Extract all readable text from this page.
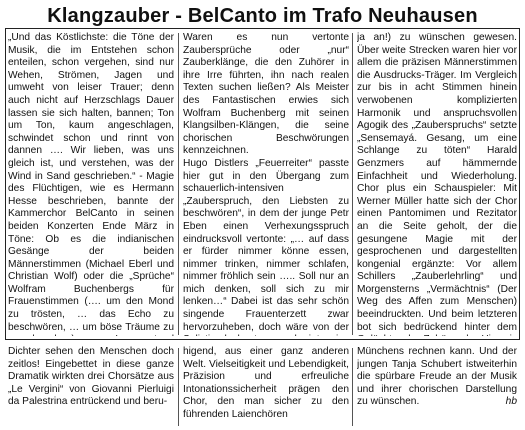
Klangzauber - BelCanto im Trafo Neuhausen

„Und das Köstlichste: die Töne der Musik, die im Entstehen schon enteilen, schon vergehen, sind nur Wehen, Strömen, Jagen und umweht von leiser Trauer; denn auch nicht auf Herzschlags Dauer lassen sie sich halten, bannen; Ton um Ton, kaum angeschlagen, schwindet schon und rinnt von dannen …. Wir lieben, was uns gleich ist, und verstehen, was der Wind in Sand geschrieben.“ - Magie des Flüchtigen, wie es Hermann Hesse beschrieben, bannte der Kammerchor BelCanto in seinen beiden Konzerten Ende März in Töne: Ob es die indianischen Gesänge der beiden Männerstimmen (Michael Eberl und Christian Wolf) oder die „Sprüche“ Wolfram Buchenbergs für Frauenstimmen (…. um den Mond zu trösten, … das Echo zu beschwören, … um böse Träume zu

Waren es nun vertonte Zaubersprüche oder „nur“ Zauberklänge, die den Zuhörer in ihre Irre führten, ihn nach realen Texten suchen ließen? Als Meister des Fantastischen erwies sich Wolfram Buchenberg mit seinen Klangsilben-Klängen, die seine chorischen Beschwörungen kennzeichnen.

Hugo Distlers „Feuerreiter“ passte hier gut in den Übergang zum schauerlich-intensiven „Zauberspruch, den Liebsten zu beschwören“, in dem der junge Petr Eben einen Verhexungsspruch eindrucksvoll vertonte: „… auf dass er fürder nimmer könne essen, nimmer trinken, nimmer schlafen, nimmer fröhlich sein ….. Soll nur an mich denken, soll sich zu mir lenken…“ Dabei ist das sehr schön singende Frauenterzett zwar hervorzuheben, doch wäre von der

ja an!) zu wünschen gewesen. Über weite Strecken waren hier vor allem die präzisen Männerstimmen die Ausdrucks-Träger. Im Vergleich zur bis in acht Stimmen hinein verwobenen komplizierten Harmonik und anspruchsvollen Agogik des „Zauberspruchs“ setzte „Sensemayá. Gesang, um eine Schlange zu töten“ Harald Genzmers auf hämmernde Einfachheit und Wiederholung. Chor plus ein Schauspieler: Mit Werner Müller hatte sich der Chor einen Pantomimen und Rezitator an die Seite geholt, der die gesungene Magie mit der gesprochenen und dargestellten kongenial ergänzte: Vor allem Schillers „Zauberlehrling“ und Morgensterns „Vermächtnis“ (Der Weg des Affen zum Menschen) beeindruckten. Und beim letzteren bot sich bedrückend hinter dem

Dichter sehen den Menschen doch zeitlos! Eingebettet in diese ganze Dramatik wirkten drei Chorsätze aus „Le Vergini“ von Giovanni Pierluigi da Palestrina entrückend und beru-
higend, aus einer ganz anderen Welt. Vielseitigkeit und Lebendigkeit, Präzision und erfreuliche Intonationssicherheit prägen den Chor, den man sicher zu den führenden Laienchören
Münchens rechnen kann. Und der jungen Tanja Schubert istweiterhin die spürbare Freude an der Musik und ihrer chorischen Darstellung zu wünschen.	hb
